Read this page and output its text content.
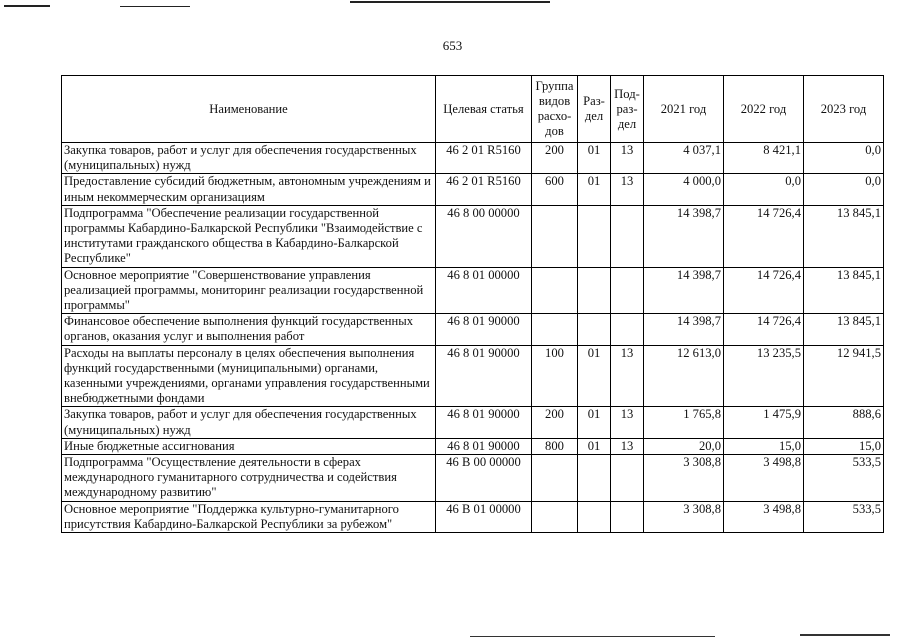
653
Наименование	Целевая статья	Группа видов расхо-дов	Раз-дел	Под-раз-дел	2021 год	2022 год	2023 год
Закупка товаров, работ и услуг для обеспечения государственных (муниципальных) нужд	46 2 01 R5160	200	01	13	4 037,1	8 421,1	0,0
Предоставление субсидий бюджетным, автономным учреждениям и иным некоммерческим организациям	46 2 01 R5160	600	01	13	4 000,0	0,0	0,0
Подпрограмма "Обеспечение реализации государственной программы Кабардино-Балкарской Республики "Взаимодействие с институтами гражданского общества в Кабардино-Балкарской Республике"	46 8 00 00000				14 398,7	14 726,4	13 845,1
Основное мероприятие "Совершенствование управления реализацией программы, мониторинг реализации государственной программы"	46 8 01 00000				14 398,7	14 726,4	13 845,1
Финансовое обеспечение выполнения функций государственных органов, оказания услуг и выполнения работ	46 8 01 90000				14 398,7	14 726,4	13 845,1
Расходы на выплаты персоналу в целях обеспечения выполнения функций государственными (муниципальными) органами, казенными учреждениями, органами управления государственными внебюджетными фондами	46 8 01 90000	100	01	13	12 613,0	13 235,5	12 941,5
Закупка товаров, работ и услуг для обеспечения государственных (муниципальных) нужд	46 8 01 90000	200	01	13	1 765,8	1 475,9	888,6
Иные бюджетные ассигнования	46 8 01 90000	800	01	13	20,0	15,0	15,0
Подпрограмма "Осуществление деятельности в сферах международного гуманитарного сотрудничества и содействия международному развитию"	46 В 00 00000				3 308,8	3 498,8	533,5
Основное мероприятие "Поддержка культурно-гуманитарного присутствия Кабардино-Балкарской Республики за рубежом"	46 В 01 00000				3 308,8	3 498,8	533,5
